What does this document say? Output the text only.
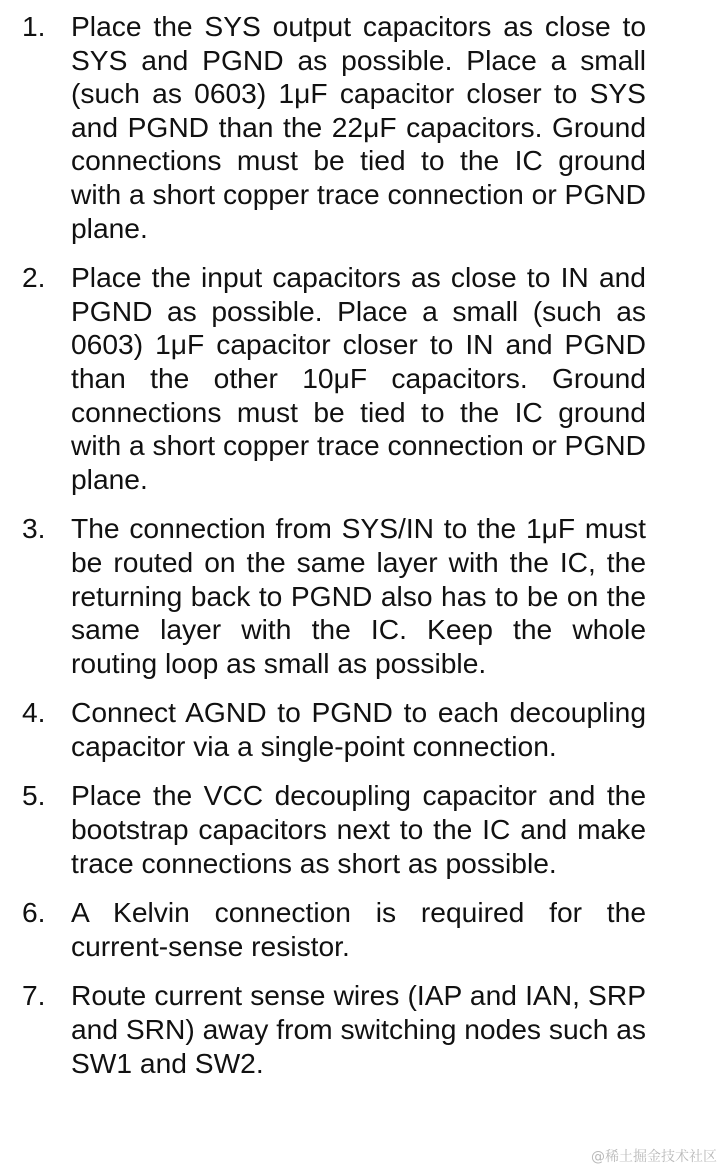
1. Place the SYS output capacitors as close to SYS and PGND as possible. Place a small (such as 0603) 1μF capacitor closer to SYS and PGND than the 22μF capacitors. Ground connections must be tied to the IC ground with a short copper trace connection or PGND plane.
2. Place the input capacitors as close to IN and PGND as possible. Place a small (such as 0603) 1μF capacitor closer to IN and PGND than the other 10μF capacitors. Ground connections must be tied to the IC ground with a short copper trace connection or PGND plane.
3. The connection from SYS/IN to the 1μF must be routed on the same layer with the IC, the returning back to PGND also has to be on the same layer with the IC. Keep the whole routing loop as small as possible.
4. Connect AGND to PGND to each decoupling capacitor via a single-point connection.
5. Place the VCC decoupling capacitor and the bootstrap capacitors next to the IC and make trace connections as short as possible.
6. A Kelvin connection is required for the current-sense resistor.
7. Route current sense wires (IAP and IAN, SRP and SRN) away from switching nodes such as SW1 and SW2.
@稀土掘金技术社区
